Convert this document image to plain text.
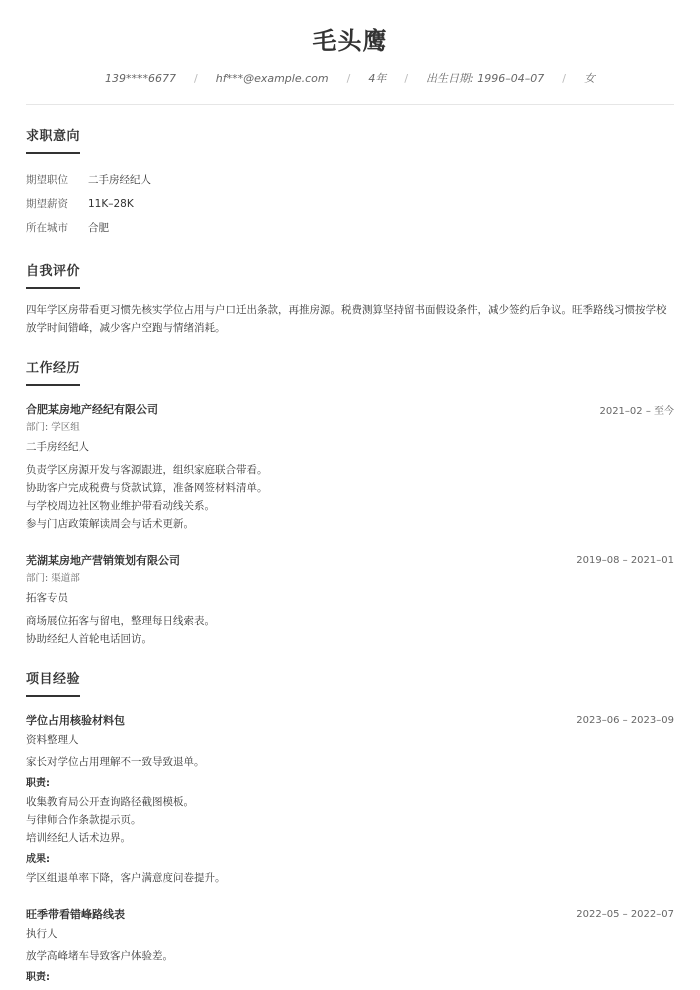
毛头鹰
139****6677 / hf***@example.com / 4年 / 出生日期: 1996–04–07 / 女
求职意向
期望职位	二手房经纪人
期望薪资	11K–28K
所在城市	合肥
自我评价
四年学区房带看更习惯先核实学位占用与户口迁出条款，再推房源。税费测算坚持留书面假设条件，减少签约后争议。旺季路线习惯按学校放学时间错峰，减少客户空跑与情绪消耗。
工作经历
合肥某房地产经纪有限公司	2021–02 – 至今
部门: 学区组
二手房经纪人
负责学区房源开发与客源跟进，组织家庭联合带看。
协助客户完成税费与贷款试算，准备网签材料清单。
与学校周边社区物业维护带看动线关系。
参与门店政策解读周会与话术更新。
芜湖某房地产营销策划有限公司	2019–08 – 2021–01
部门: 渠道部
拓客专员
商场展位拓客与留电，整理每日线索表。
协助经纪人首轮电话回访。
项目经验
学位占用核验材料包	2023–06 – 2023–09
资料整理人
家长对学位占用理解不一致导致退单。
职责:
收集教育局公开查询路径截图模板。
与律师合作条款提示页。
培训经纪人话术边界。
成果:
学区组退单率下降，客户满意度问卷提升。
旺季带看错峰路线表	2022–05 – 2022–07
执行人
放学高峰堵车导致客户体验差。
职责:
